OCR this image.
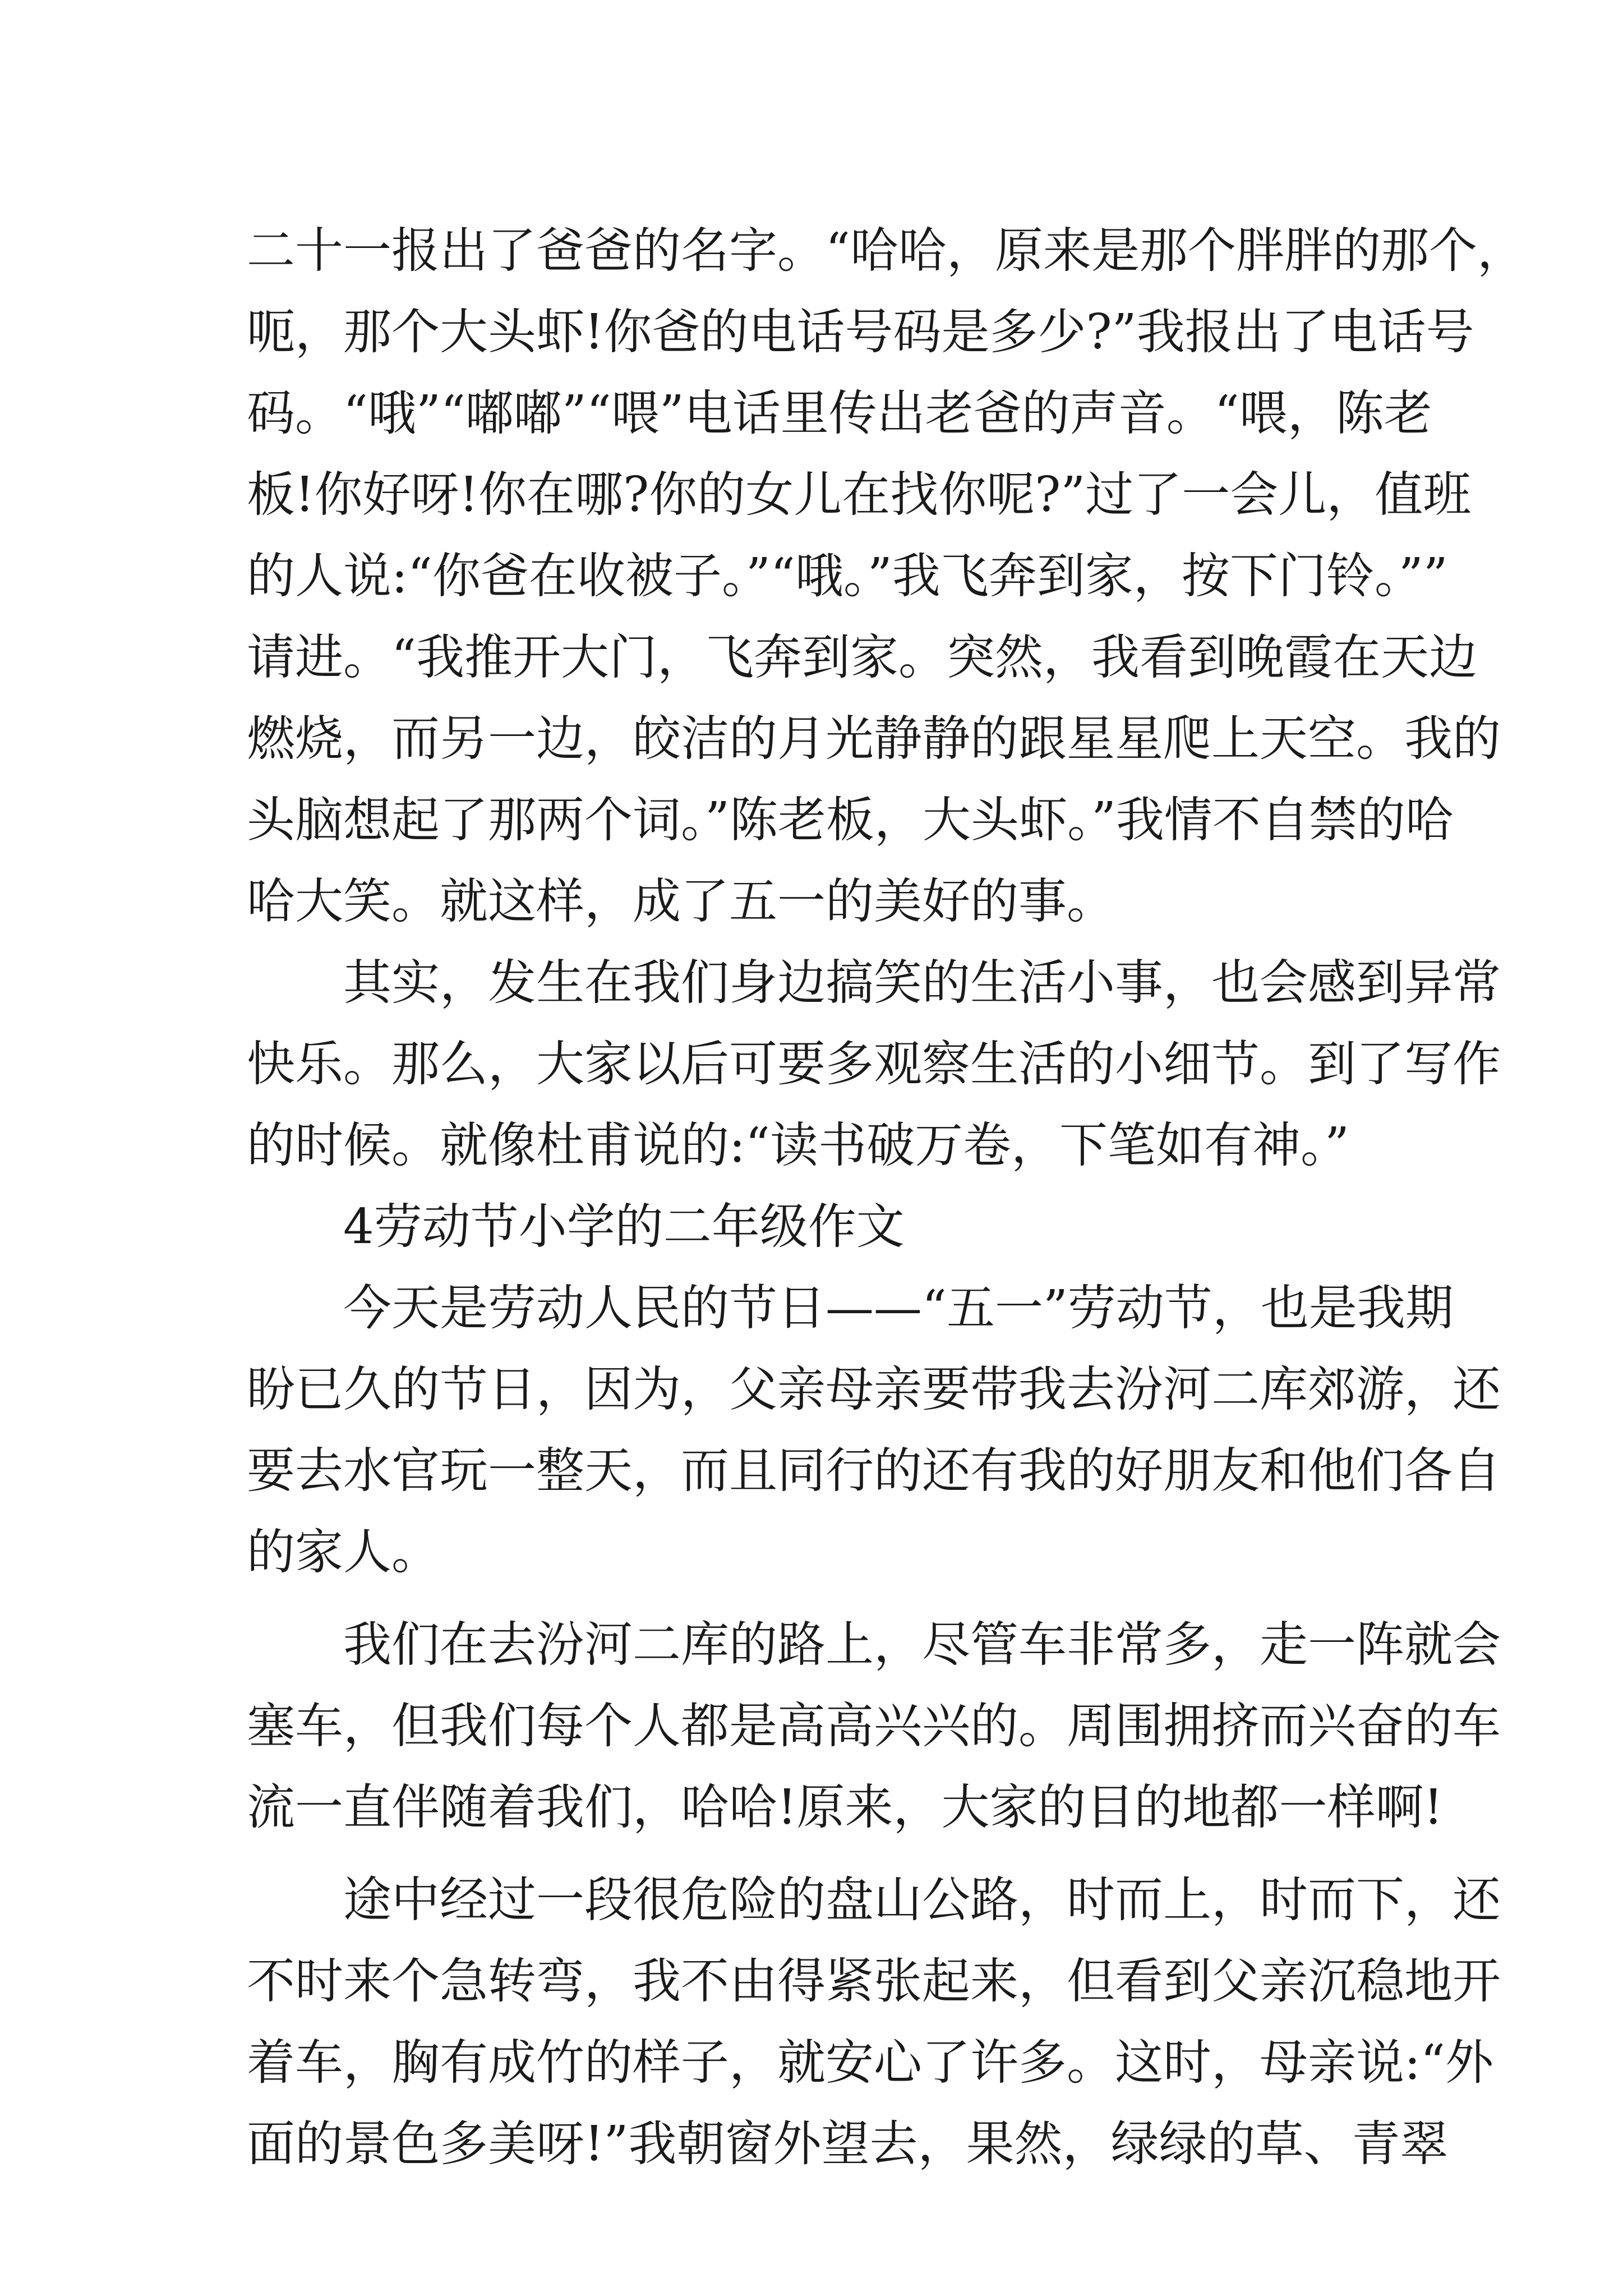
二十一报出了爸爸的名字。“哈哈，原来是那个胖胖的那个，
呃，那个大头虾!你爸的电话号码是多少?”我报出了电话号
码。“哦”“嘟嘟”“喂”电话里传出老爸的声音。“喂，陈老
板!你好呀!你在哪?你的女儿在找你呢?”过了一会儿，值班
的人说:“你爸在收被子。”“哦。”我飞奔到家，按下门铃。””
请进。“我推开大门，飞奔到家。突然，我看到晚霞在天边
燃烧，而另一边，皎洁的月光静静的跟星星爬上天空。我的
头脑想起了那两个词。”陈老板，大头虾。”我情不自禁的哈
哈大笑。就这样，成了五一的美好的事。
其实，发生在我们身边搞笑的生活小事，也会感到异常
快乐。那么，大家以后可要多观察生活的小细节。到了写作
的时候。就像杜甫说的:“读书破万卷，下笔如有神。”
4劳动节小学的二年级作文
今天是劳动人民的节日——“五一”劳动节，也是我期
盼已久的节日，因为，父亲母亲要带我去汾河二库郊游，还
要去水官玩一整天，而且同行的还有我的好朋友和他们各自
的家人。
我们在去汾河二库的路上，尽管车非常多，走一阵就会
塞车，但我们每个人都是高高兴兴的。周围拥挤而兴奋的车
流一直伴随着我们，哈哈!原来，大家的目的地都一样啊!
途中经过一段很危险的盘山公路，时而上，时而下，还
不时来个急转弯，我不由得紧张起来，但看到父亲沉稳地开
着车，胸有成竹的样子，就安心了许多。这时，母亲说:“外
面的景色多美呀!”我朝窗外望去，果然，绿绿的草、青翠
